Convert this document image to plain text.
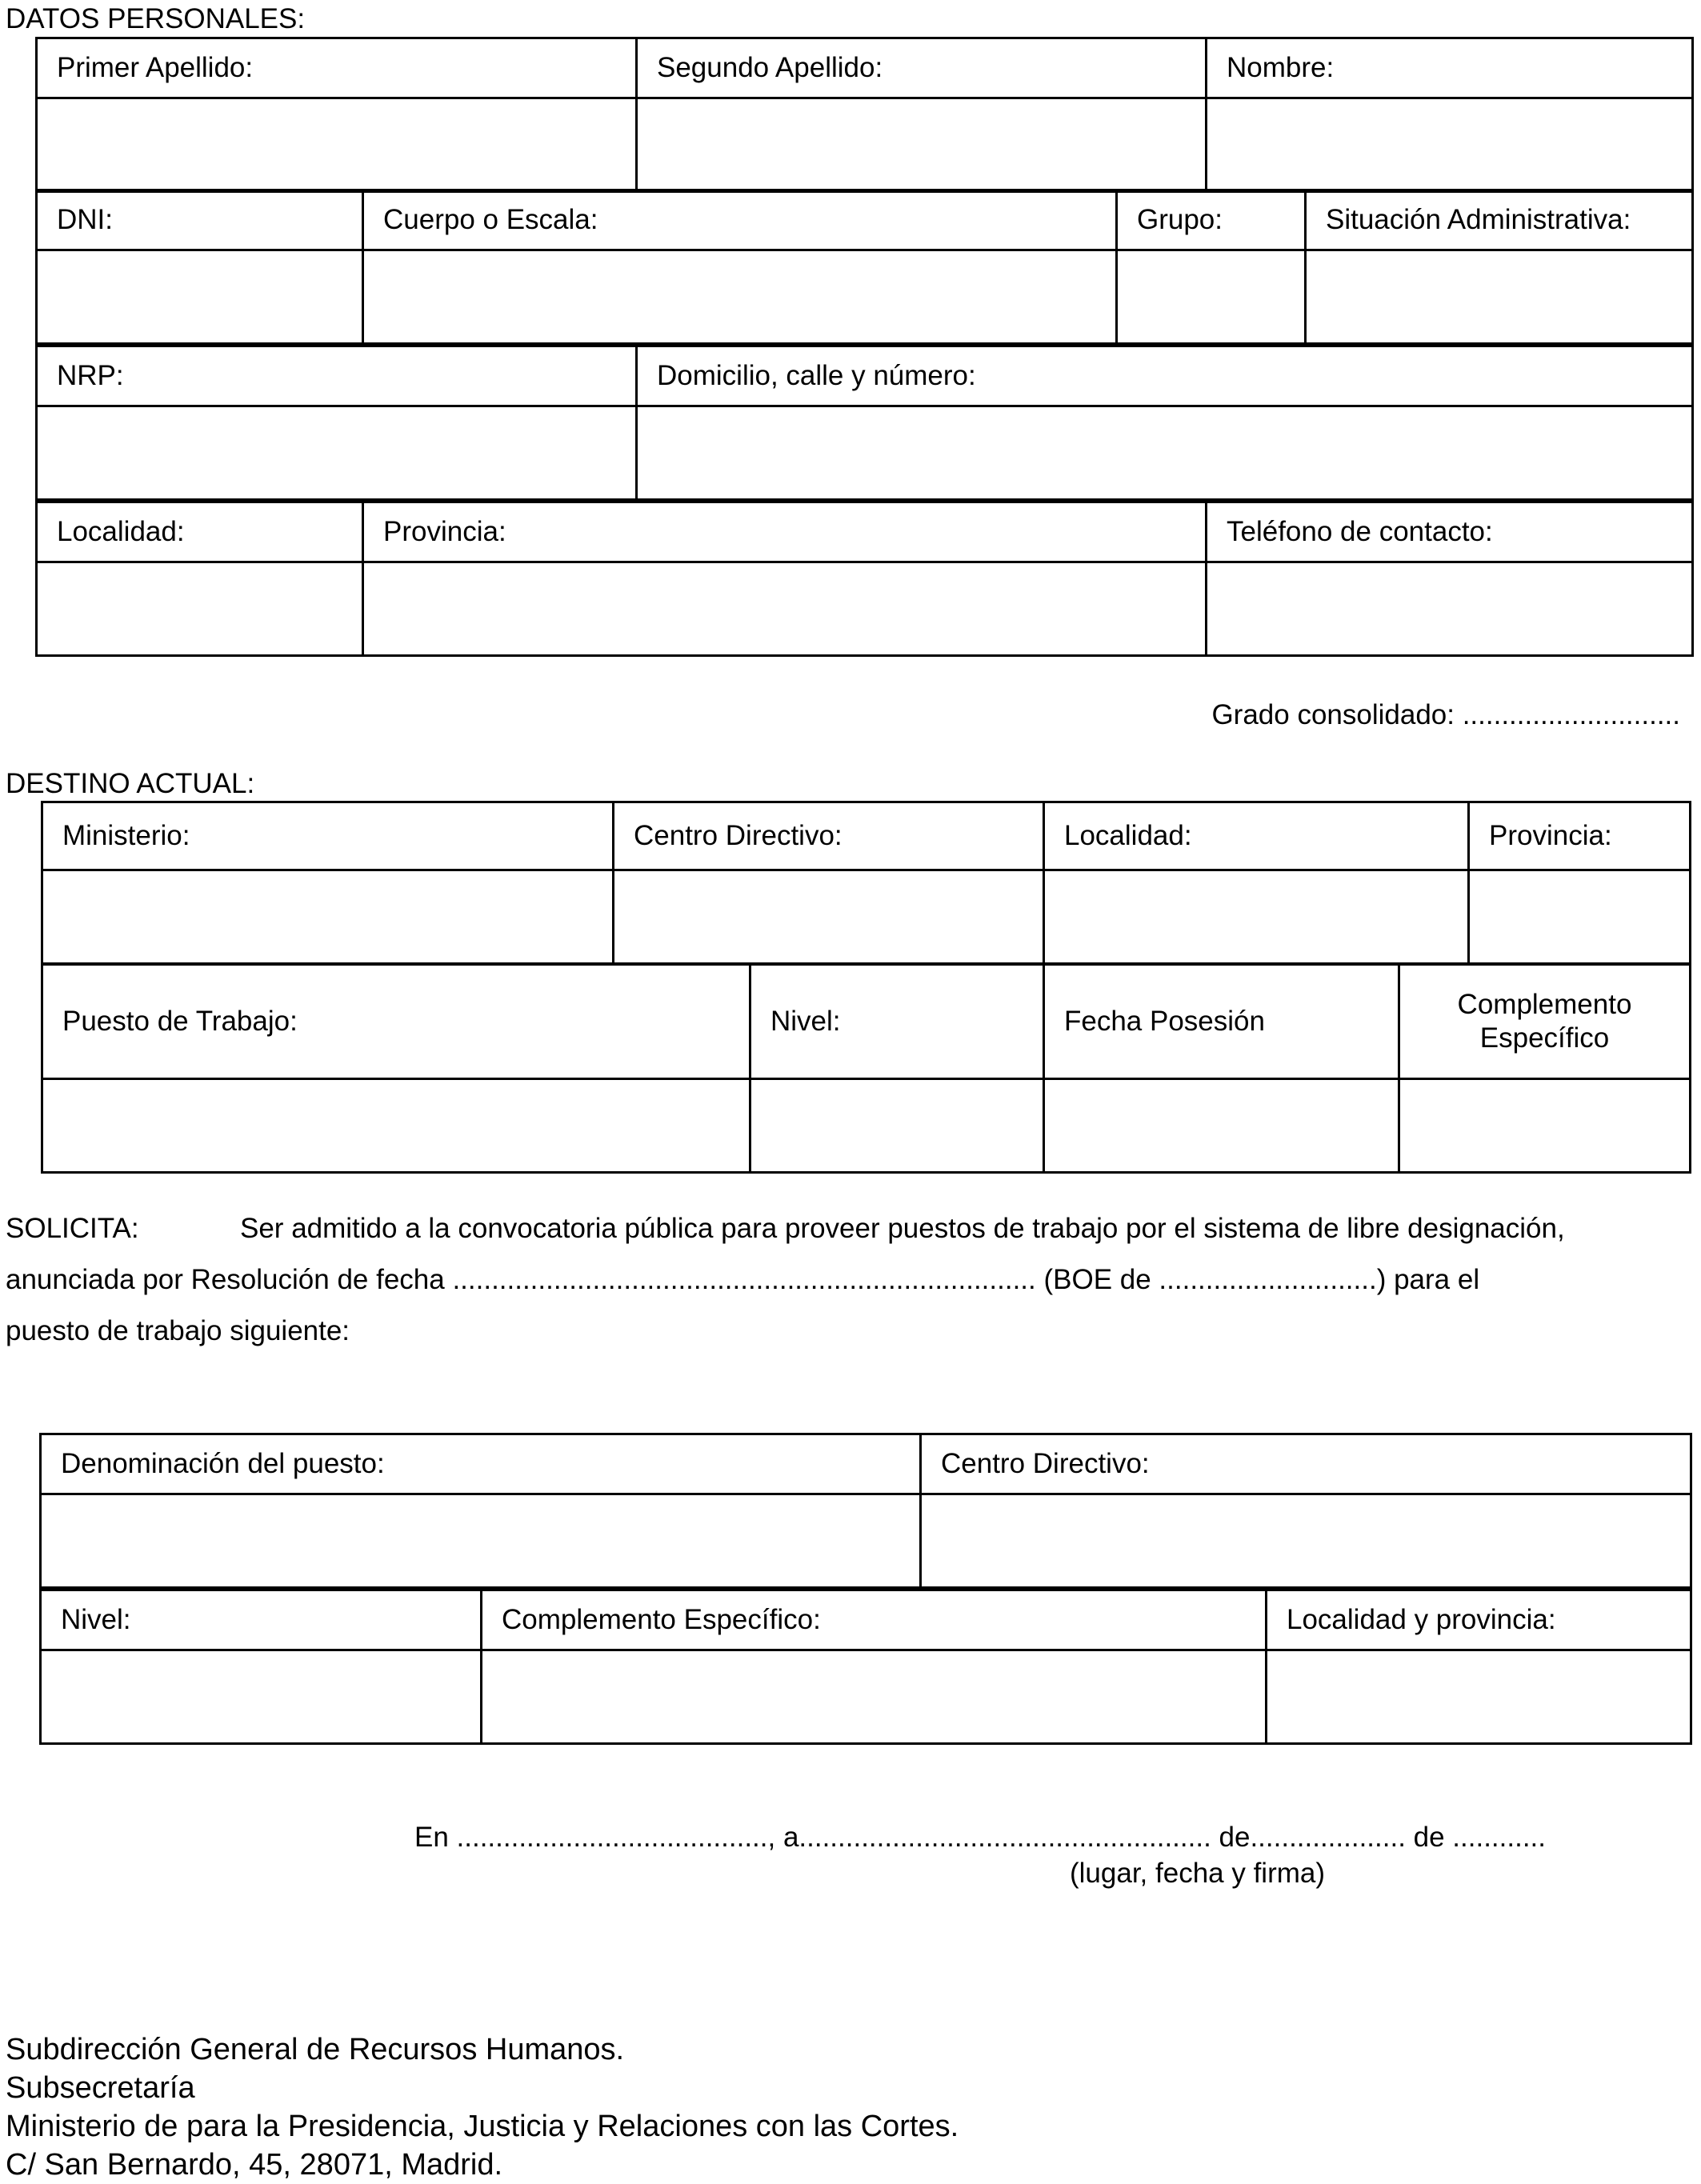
DATOS PERSONALES:
Primer Apellido:	Segundo Apellido:	Nombre:

DNI:	Cuerpo o Escala:	Grupo:	Situación Administrativa:

NRP:	Domicilio, calle y número:

Localidad:	Provincia:	Teléfono de contacto:

Grado consolidado: ............................
DESTINO ACTUAL:
Ministerio:	Centro Directivo:	Localidad:	Provincia:

Puesto de Trabajo:	Nivel:	Fecha Posesión	Complemento
Específico

SOLICITA:	Ser admitido a la convocatoria pública para proveer puestos de trabajo por el sistema de libre designación,
anunciada por Resolución de fecha ........................................................................... (BOE de ............................) para el
puesto de trabajo siguiente:
Denominación del puesto:	Centro Directivo:

Nivel:	Complemento Específico:	Localidad y provincia:

En ........................................, a..................................................... de.................... de ............
(lugar, fecha y firma)
Subdirección General de Recursos Humanos.
Subsecretaría
Ministerio de para la Presidencia, Justicia y Relaciones con las Cortes.
C/ San Bernardo, 45, 28071, Madrid.
